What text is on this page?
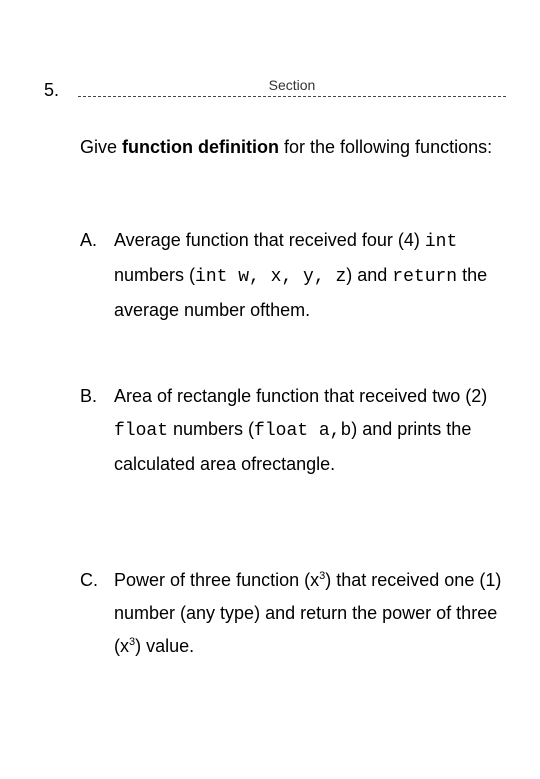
5.	Section
Give function definition for the following functions:
A. Average function that received four (4) int numbers (int w, x, y, z) and return the average number ofthem.
B. Area of rectangle function that received two (2) float numbers (float a,b) and prints the calculated area ofrectangle.
C. Power of three function $(x^3)$ that received one (1) number (any type) and return the power of three $(x^3)$ value.
